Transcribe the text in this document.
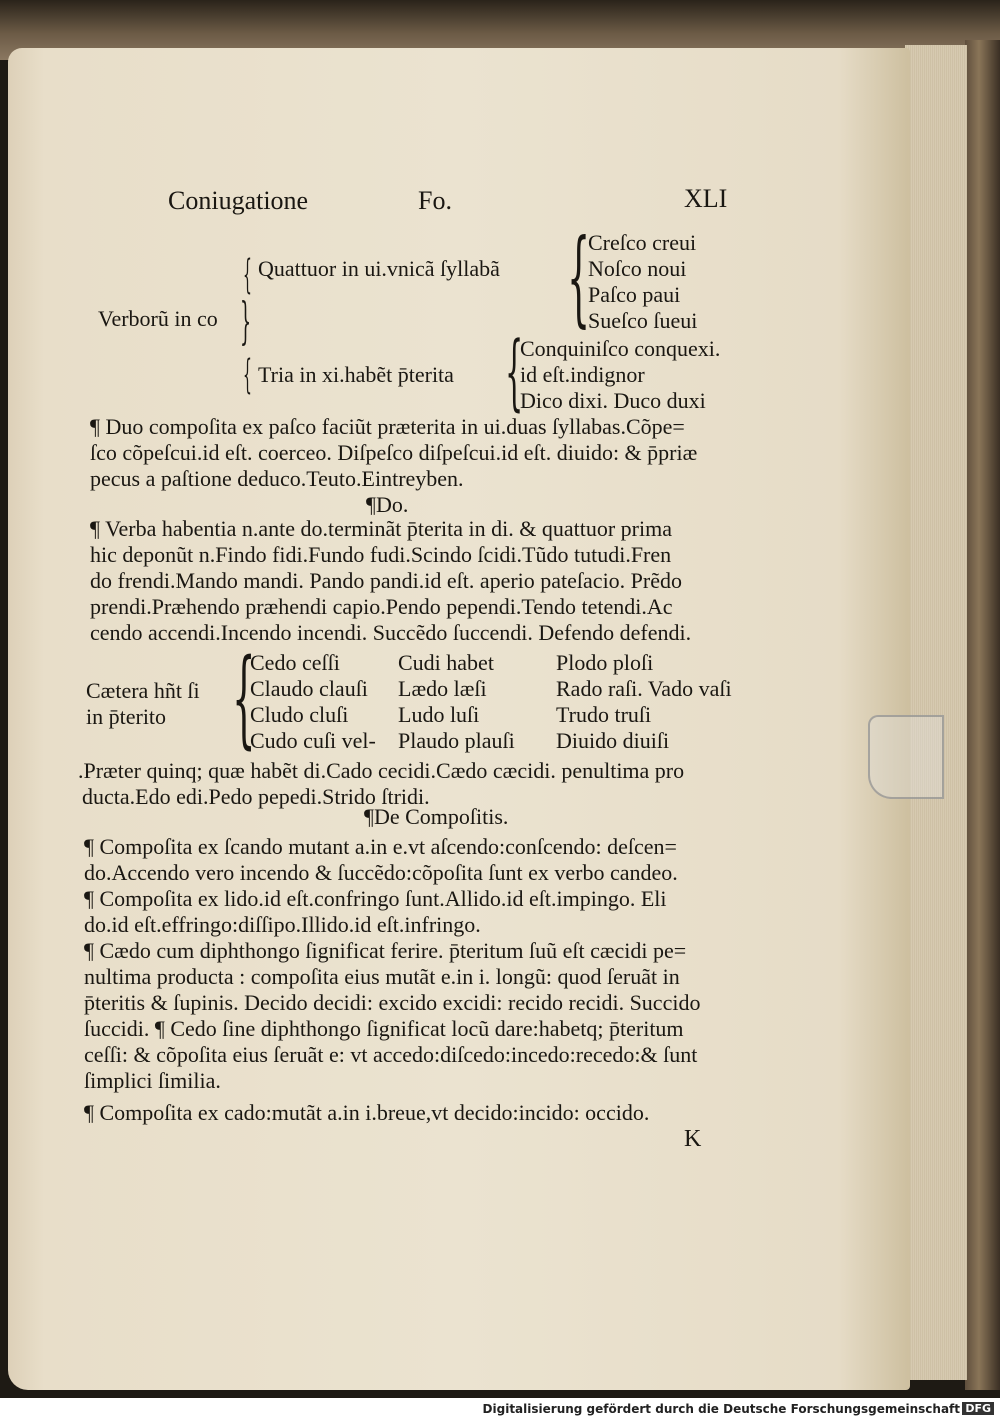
Coniugatione	Fo.	XLI
Verborũ in co }
{
{
Quattuor in ui.vnicã ſyllabã
Tria in xi.habẽt p̄terita
{
Creſco creui
Noſco noui
Paſco paui
Sueſco ſueui
{
Conquiniſco conquexi.
id eſt.indignor
Dico dixi. Duco duxi
¶ Duo compoſita ex paſco faciũt præterita in ui.duas ſyllabas.Cõpe=
ſco cõpeſcui.id eſt. coerceo. Diſpeſco diſpeſcui.id eſt. diuido: & p̄priæ
pecus a paſtione deduco.Teuto.Eintreyben.
¶Do.
¶ Verba habentia n.ante do.terminãt p̄terita in di. & quattuor prima
hic deponũt n.Findo fidi.Fundo fudi.Scindo ſcidi.Tũdo tutudi.Fren
do frendi.Mando mandi. Pando pandi.id eſt. aperio pateſacio. Prẽdo
prendi.Præhendo præhendi capio.Pendo pependi.Tendo tetendi.Ac
cendo accendi.Incendo incendi. Succẽdo ſuccendi. Defendo defendi.
Cætera hñt ſi
in p̄terito {
Cedo ceſſi
Claudo clauſi
Cludo cluſi
Cudo cuſi vel-
Cudi habet
Lædo læſi
Ludo luſi
Plaudo plauſi
Plodo ploſi
Rado raſi. Vado vaſi
Trudo truſi
Diuido diuiſi
.Præter quinq; quæ habẽt di.Cado cecidi.Cædo cæcidi. penultima pro
ducta.Edo edi.Pedo pepedi.Strido ſtridi.
¶De Compoſitis.
¶ Compoſita ex ſcando mutant a.in e.vt aſcendo:conſcendo: deſcen=
do.Accendo vero incendo & ſuccẽdo:cõpoſita ſunt ex verbo candeo.
¶ Compoſita ex lido.id eſt.confringo ſunt.Allido.id eſt.impingo. Eli
do.id eſt.effringo:diſſipo.Illido.id eſt.infringo.
¶ Cædo cum diphthongo ſignificat ferire. p̄teritum ſuũ eſt cæcidi pe=
nultima producta : compoſita eius mutãt e.in i. longũ: quod ſeruãt in
p̄teritis & ſupinis. Decido decidi: excido excidi: recido recidi. Succido
ſuccidi. ¶ Cedo ſine diphthongo ſignificat locũ dare:habetq; p̄teritum
ceſſi: & cõpoſita eius ſeruãt e: vt accedo:diſcedo:incedo:recedo:& ſunt
ſimplici ſimilia.
¶ Compoſita ex cado:mutãt a.in i.breue,vt decido:incido: occido.
K
Digitalisierung gefördert durch die Deutsche Forschungsgemeinschaft DFG
